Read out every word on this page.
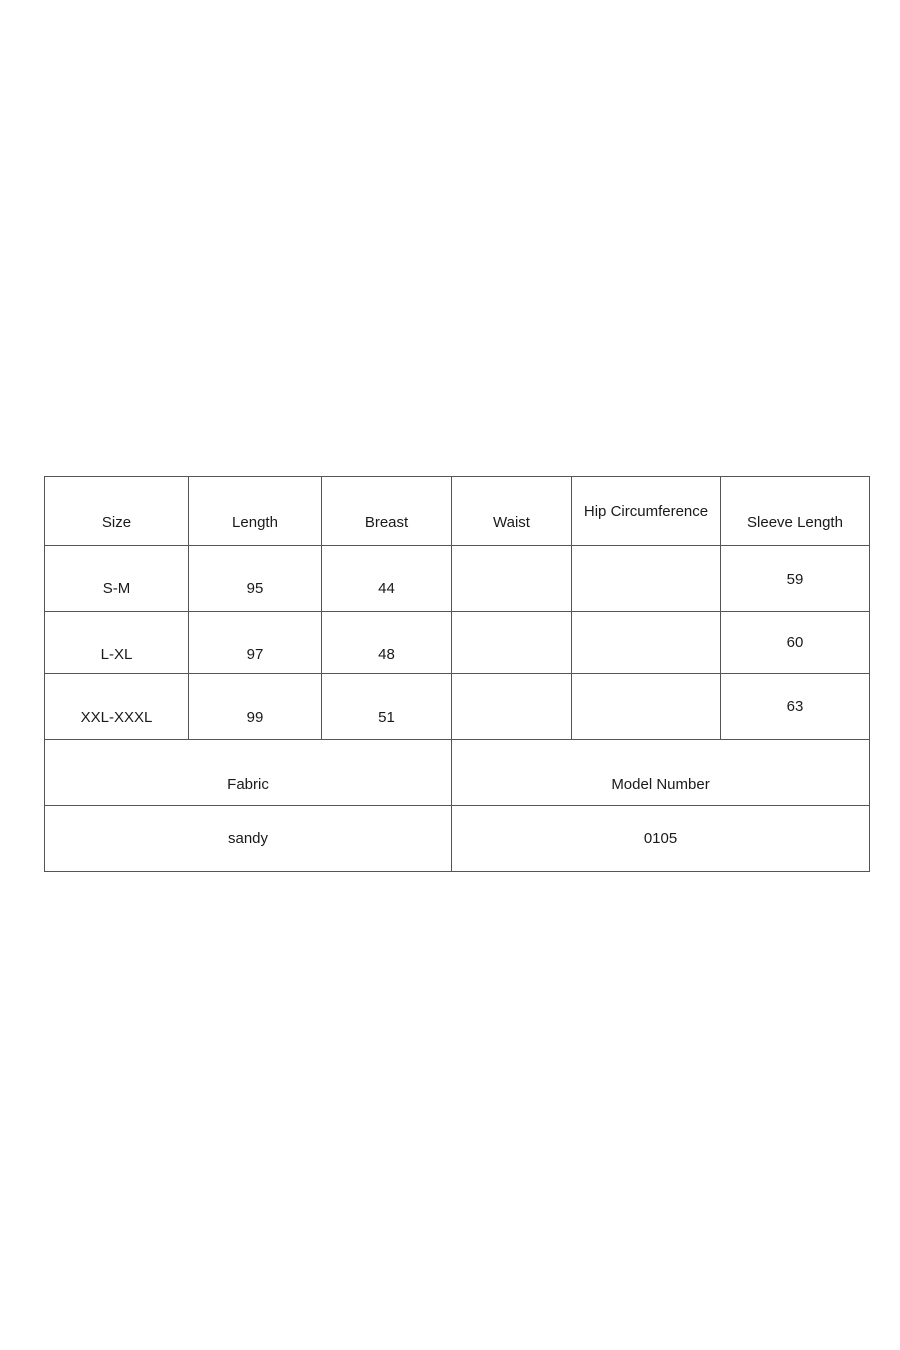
Size	Length	Breast	Waist	Hip Circumference	Sleeve Length
S-M	95	44			59
L-XL	97	48			60
XXL-XXXL	99	51			63
Fabric			Model Number		
sandy			0105		
